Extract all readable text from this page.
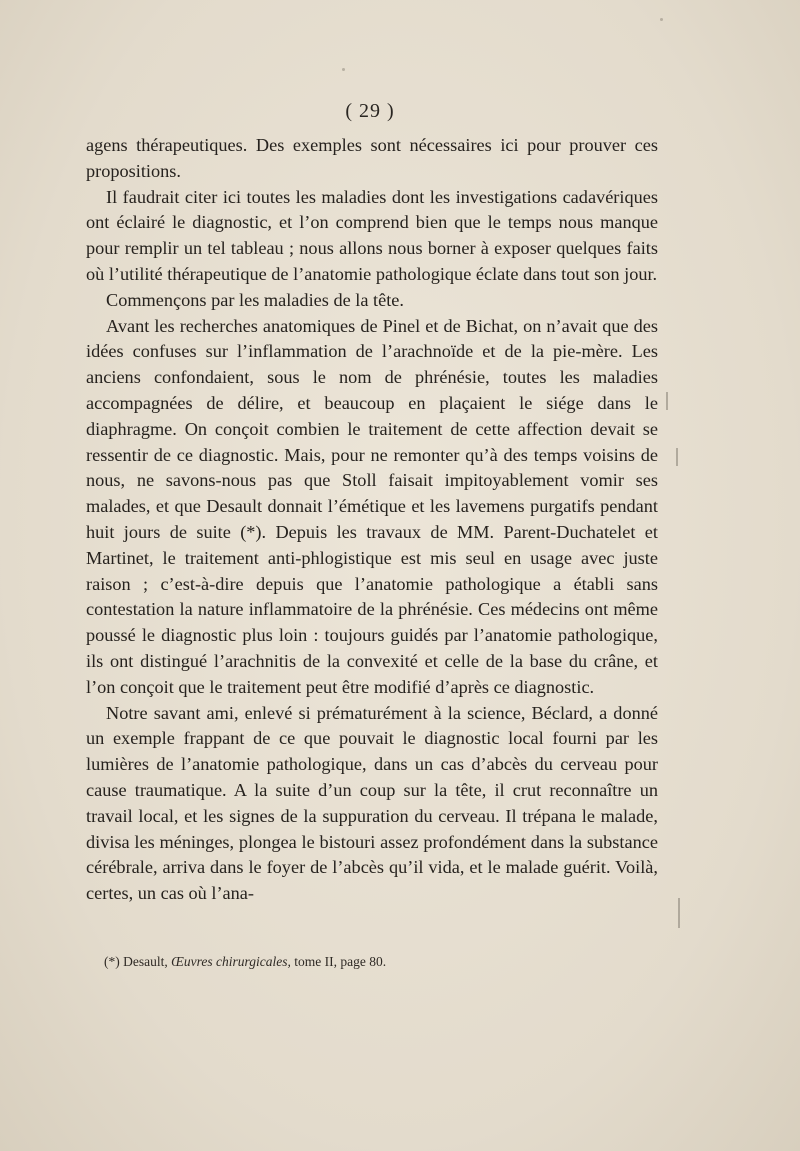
( 29 )

agens thérapeutiques. Des exemples sont nécessaires ici pour prouver ces propositions.

Il faudrait citer ici toutes les maladies dont les investigations cadavériques ont éclairé le diagnostic, et l’on comprend bien que le temps nous manque pour remplir un tel tableau ; nous allons nous borner à exposer quelques faits où l’utilité thérapeutique de l’anatomie pathologique éclate dans tout son jour.

Commençons par les maladies de la tête.

Avant les recherches anatomiques de Pinel et de Bichat, on n’avait que des idées confuses sur l’inflammation de l’arachnoïde et de la pie-mère. Les anciens confondaient, sous le nom de phrénésie, toutes les maladies accompagnées de délire, et beaucoup en plaçaient le siége dans le diaphragme. On conçoit combien le traitement de cette affection devait se ressentir de ce diagnostic. Mais, pour ne remonter qu’à des temps voisins de nous, ne savons-nous pas que Stoll faisait impitoyablement vomir ses malades, et que Desault donnait l’émétique et les lavemens purgatifs pendant huit jours de suite (*). Depuis les travaux de MM. Parent-Duchatelet et Martinet, le traitement anti-phlogistique est mis seul en usage avec juste raison ; c’est-à-dire depuis que l’anatomie pathologique a établi sans contestation la nature inflammatoire de la phrénésie. Ces médecins ont même poussé le diagnostic plus loin : toujours guidés par l’anatomie pathologique, ils ont distingué l’arachnitis de la convexité et celle de la base du crâne, et l’on conçoit que le traitement peut être modifié d’après ce diagnostic.

Notre savant ami, enlevé si prématurément à la science, Béclard, a donné un exemple frappant de ce que pouvait le diagnostic local fourni par les lumières de l’anatomie pathologique, dans un cas d’abcès du cerveau pour cause traumatique. A la suite d’un coup sur la tête, il crut reconnaître un travail local, et les signes de la suppuration du cerveau. Il trépana le malade, divisa les méninges, plongea le bistouri assez profondément dans la substance cérébrale, arriva dans le foyer de l’abcès qu’il vida, et le malade guérit. Voilà, certes, un cas où l’ana-

(*) Desault, Œuvres chirurgicales, tome II, page 80.
